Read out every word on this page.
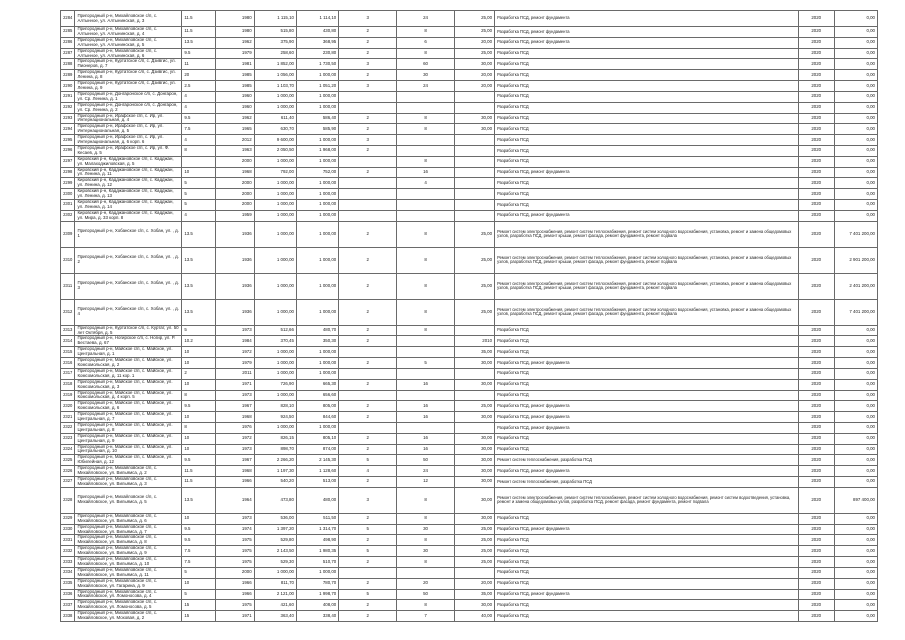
2284	Пригородный р-н, Михайловское с/п, с. Алтынное, ул. Алтынинская, д. 3	11.5	1980	1 115,10	1 114,10	3	24	25,00	Разработка ПСД, ремонт фундамента	2020	0,00
2285	Пригородный р-н, Михайловское с/п, с. Алтынное, ул. Алтынинская, д. 4	11.5	1980	515,80	430,80	2	8	25,00	Разработка ПСД, ремонт фундамента	2020	0,00
2286	Пригородный р-н, Михайловское с/п, с. Алтынное, ул. Алтынинская, д. 5	13.5	1962	375,90	368,95	2	6	20,00	Разработка ПСД, ремонт фундамента	2020	0,00
2287	Пригородный р-н, Михайловское с/п, с. Алтынное, ул. Алтынинская, д. 6	9.5	1979	258,60	230,80	2	8	25,00	Разработка ПСД	2020	0,00
2288	Пригородный р-н, Куртатское с/п, с. Дзивгис, ул. Пионеров, д. 7	11	1981	1 852,00	1 730,50	3	60	30,00	Разработка ПСД	2020	0,00
2289	Пригородный р-н, Куртатское с/п, с. Дзивгис, ул. Ленина, д. 8	20	1985	1 056,00	1 000,00	2	30	20,00	Разработка ПСД	2020	0,00
2290	Пригородный р-н, Куртатское с/п, с. Дзивгис, ул. Ленина, д. 9	2.5	1985	1 103,70	1 051,20	3	24	20,00	Разработка ПСД	2020	0,00
2291	Пригородный р-н, Донгаронское с/п, с. Донгарон, ул. Ср. Ленина, д. 1	4	1960	1 000,00	1 000,00				Разработка ПСД	2020	0,00
2292	Пригородный р-н, Донгаронское с/п, с. Донгарон, ул. Ср. Ленина, д. 2	4	1960	1 000,00	1 000,00				Разработка ПСД	2020	0,00
2293	Пригородный р-н, Ирафское с/п, с. Ир, ул. Интернациональная, д. 4	9.5	1962	611,40	586,40	2	8	30,00	Разработка ПСД	2020	0,00
2294	Пригородный р-н, Ирафское с/п, с. Ир, ул. Интернациональная, д. 5	7.5	1965	630,70	585,90	2	8	30,00	Разработка ПСД	2020	0,00
2295	Пригородный р-н, Ирафское с/п, с. Ир, ул. Интернациональная, д. 6 корп. 6	4	2012	9 600,00	1 000,00	3			Разработка ПСД	2020	0,00
2296	Пригородный р-н, Ирафское с/п, с. Ир, ул. Ф. Кесаев, д. 5	8	1963	2 050,50	1 968,00	2			Разработка ПСД	2020	0,00
2297	Кировский р-н, Кадджановское с/п, с. Кадджан, ул. Малаходжиловская, д. 5		2000	1 000,00	1 000,00		8		Разработка ПСД	2020	0,00
2298	Кировский р-н, Кадджановское с/п, с. Кадджан, ул. Ленина, д. 11	10	1968	792,00	752,00	2	16		Разработка ПСД, ремонт фундамента	2020	0,00
2299	Кировский р-н, Кадджановское с/п, с. Кадджан, ул. Ленина, д. 12	5	2000	1 000,00	1 000,00		4		Разработка ПСД	2020	0,00
2300	Кировский р-н, Кадджановское с/п, с. Кадджан, ул. Ленина, д. 13	5	2000	1 000,00	1 000,00				Разработка ПСД	2020	0,00
2301	Кировский р-н, Кадджановское с/п, с. Кадджан, ул. Ленина, д. 14	5	2000	1 000,00	1 000,00				Разработка ПСД	2020	0,00
2302	Кировский р-н, Кадджановское с/п, с. Кадджан, ул. Мира, д. 33 корп. 8	4	1959	1 000,00	1 000,00				Разработка ПСД, ремонт фундамента	2020	0,00
2309	Пригородный р-н, Хобанское с/п, с. Хобан, ул. , д. 1	13.5	1936	1 000,00	1 000,00	2	8	25,00	Ремонт систем электроснабжения, ремонт систем теплоснабжения, ремонт систем холодного водоснабжения, установка, ремонт и замена общедомовых узлов, разработка ПСД, ремонт крыши, ремонт фасада, ремонт фундамента, ремонт подвала	2020	7 401 200,00
2310	Пригородный р-н, Хобанское с/п, с. Хобан, ул. , д. 2	13.5	1936	1 000,00	1 000,00	2	8	25,00	Ремонт систем электроснабжения, ремонт систем теплоснабжения, ремонт систем холодного водоснабжения, установка, ремонт и замена общедомовых узлов, разработка ПСД, ремонт крыши, ремонт фасада, ремонт фундамента, ремонт подвала	2020	2 901 200,00
2311	Пригородный р-н, Хобанское с/п, с. Хобан, ул. , д. 3	13.5	1936	1 000,00	1 000,00	2	8	25,00	Ремонт систем электроснабжения, ремонт систем теплоснабжения, ремонт систем холодного водоснабжения, установка, ремонт и замена общедомовых узлов, разработка ПСД, ремонт крыши, ремонт фасада, ремонт фундамента, ремонт подвала	2020	2 401 200,00
2312	Пригородный р-н, Хобанское с/п, с. Хобан, ул. , д. 4	13.5	1936	1 000,00	1 000,00	2	8	25,00	Ремонт систем электроснабжения, ремонт систем теплоснабжения, ремонт систем холодного водоснабжения, установка, ремонт и замена общедомовых узлов, разработка ПСД, ремонт крыши, ремонт фасада, ремонт фундамента, ремонт подвала	2020	7 401 200,00
2313	Пригородный р-н, Куртатское с/п, с. Куртат, ул. 50 лет Октября, д. 5	5	1973	512,66	480,70	2	8		Разработка ПСД	2020	0,00
2314	Пригородный р-н, Ногирское с/п, с. Ногир, ул. Р. Бестаева, д. 67	10.2	1984	370,45	350,30	2		2010	Разработка ПСД	2020	0,00
2315	Пригородный р-н, Майское с/п, с. Майское, ул. Центральная, д. 1	10	1972	1 000,00	1 000,00			35,00	Разработка ПСД	2020	0,00
2316	Пригородный р-н, Майское с/п, с. Майское, ул. Комсомольская, д. 2	10	1979	1 000,00	1 000,00	2	5	30,00	Разработка ПСД, ремонт фундамента	2020	0,00
2317	Пригородный р-н, Майское с/п, с. Майское, ул. Комсомольская, д. 11 кор. 1	2	2011	1 000,00	1 000,00				Разработка ПСД	2020	0,00
2318	Пригородный р-н, Майское с/п, с. Майское, ул. Комсомольская, д. 3	10	1971	726,90	665,30	2	16	30,00	Разработка ПСД	2020	0,00
2319	Пригородный р-н, Майское с/п, с. Майское, ул. Комсомольская, д. 4 корп. 5	8	1973	1 000,00	656,60				Разработка ПСД	2020	0,00
2320	Пригородный р-н, Майское с/п, с. Майское, ул. Комсомольская, д. 6	9.5	1967	828,10	805,00	2	16	25,00	Разработка ПСД, ремонт фундамента	2020	0,00
2321	Пригородный р-н, Майское с/п, с. Майское, ул. Центральная, д. 7	10	1968	924,50	844,60	2	16	30,00	Разработка ПСД, ремонт фундамента	2020	0,00
2322	Пригородный р-н, Майское с/п, с. Майское, ул. Центральная, д. 8	8	1976	1 000,00	1 000,00				Разработка ПСД, ремонт фундамента	2020	0,00
2323	Пригородный р-н, Майское с/п, с. Майское, ул. Центральная, д. 9	10	1972	826,15	805,10	2	16	30,00	Разработка ПСД	2020	0,00
2324	Пригородный р-н, Майское с/п, с. Майское, ул. Центральная, д. 10	10	1973	898,70	874,00	2	16	30,00	Разработка ПСД	2020	0,00
2325	Пригородный р-н, Майское с/п, с. Майское, ул. Юбилейная, д. 12	9.5	1967	2 266,20	2 145,30	5	50	30,00	Ремонт систем теплоснабжения, разработка ПСД	2020	0,00
2326	Пригородный р-н, Михайловское с/п, с. Михайловское, ул. Вильямса, д. 2	11.5	1968	1 197,30	1 128,60	4	24	30,00	Разработка ПСД, ремонт фундамента	2020	0,00
2327	Пригородный р-н, Михайловское с/п, с. Михайловское, ул. Вильямса, д. 3	11.5	1966	540,20	513,00	2	12	30,00	Ремонт систем теплоснабжения, разработка ПСД	2020	0,00
2328	Пригородный р-н, Михайловское с/п, с. Михайловское, ул. Вильямса, д. 5	13.5	1964	473,80	480,00	3	8	30,00	Ремонт систем электроснабжения, ремонт систем теплоснабжения, ремонт систем холодного водоснабжения, ремонт систем водоотведения, установка, ремонт и замена общедомовых узлов, разработка ПСД, ремонт фасада, ремонт фундамента, ремонт подвала	2020	897 400,00
2329	Пригородный р-н, Михайловское с/п, с. Михайловское, ул. Вильямса, д. 6	10	1973	536,00	511,50	2	8	30,00	Разработка ПСД	2020	0,00
2330	Пригородный р-н, Михайловское с/п, с. Михайловское, ул. Вильямса, д. 7	9.5	1974	1 397,20	1 314,70	5	30	25,00	Разработка ПСД, ремонт фундамента	2020	0,00
2331	Пригородный р-н, Михайловское с/п, с. Михайловское, ул. Вильямса, д. 8	9.5	1975	529,80	498,90	2	8	25,00	Разработка ПСД	2020	0,00
2332	Пригородный р-н, Михайловское с/п, с. Михайловское, ул. Вильямса, д. 9	7.5	1975	2 143,50	1 980,35	5	30	25,00	Разработка ПСД	2020	0,00
2333	Пригородный р-н, Михайловское с/п, с. Михайловское, ул. Вильямса, д. 10	7.5	1975	529,30	510,70	2	8	25,00	Разработка ПСД	2020	0,00
2334	Пригородный р-н, Михайловское с/п, с. Михайловское, ул. Вильямса, д. 11	5	2000	1 000,00	1 000,00				Разработка ПСД	2020	0,00
2335	Пригородный р-н, Михайловское с/п, с. Михайловское, ул. Гагарина, д. 9	10	1966	811,70	780,70	2	20	20,00	Разработка ПСД	2020	0,00
2336	Пригородный р-н, Михайловское с/п, с. Михайловское, ул. Ломоносова, д. 4	5	1966	2 121,00	1 998,70	5	50	35,00	Разработка ПСД, ремонт фундамента	2020	0,00
2337	Пригородный р-н, Михайловское с/п, с. Михайловское, ул. Ломоносова, д. 5	15	1975	421,60	408,00	2	8	30,00	Разработка ПСД	2020	0,00
2338	Пригородный р-н, Михайловское с/п, с. Михайловское, ул. Моховая, д. 2	15	1971	363,40	338,40	2	7	40,00	Разработка ПСД	2020	0,00
